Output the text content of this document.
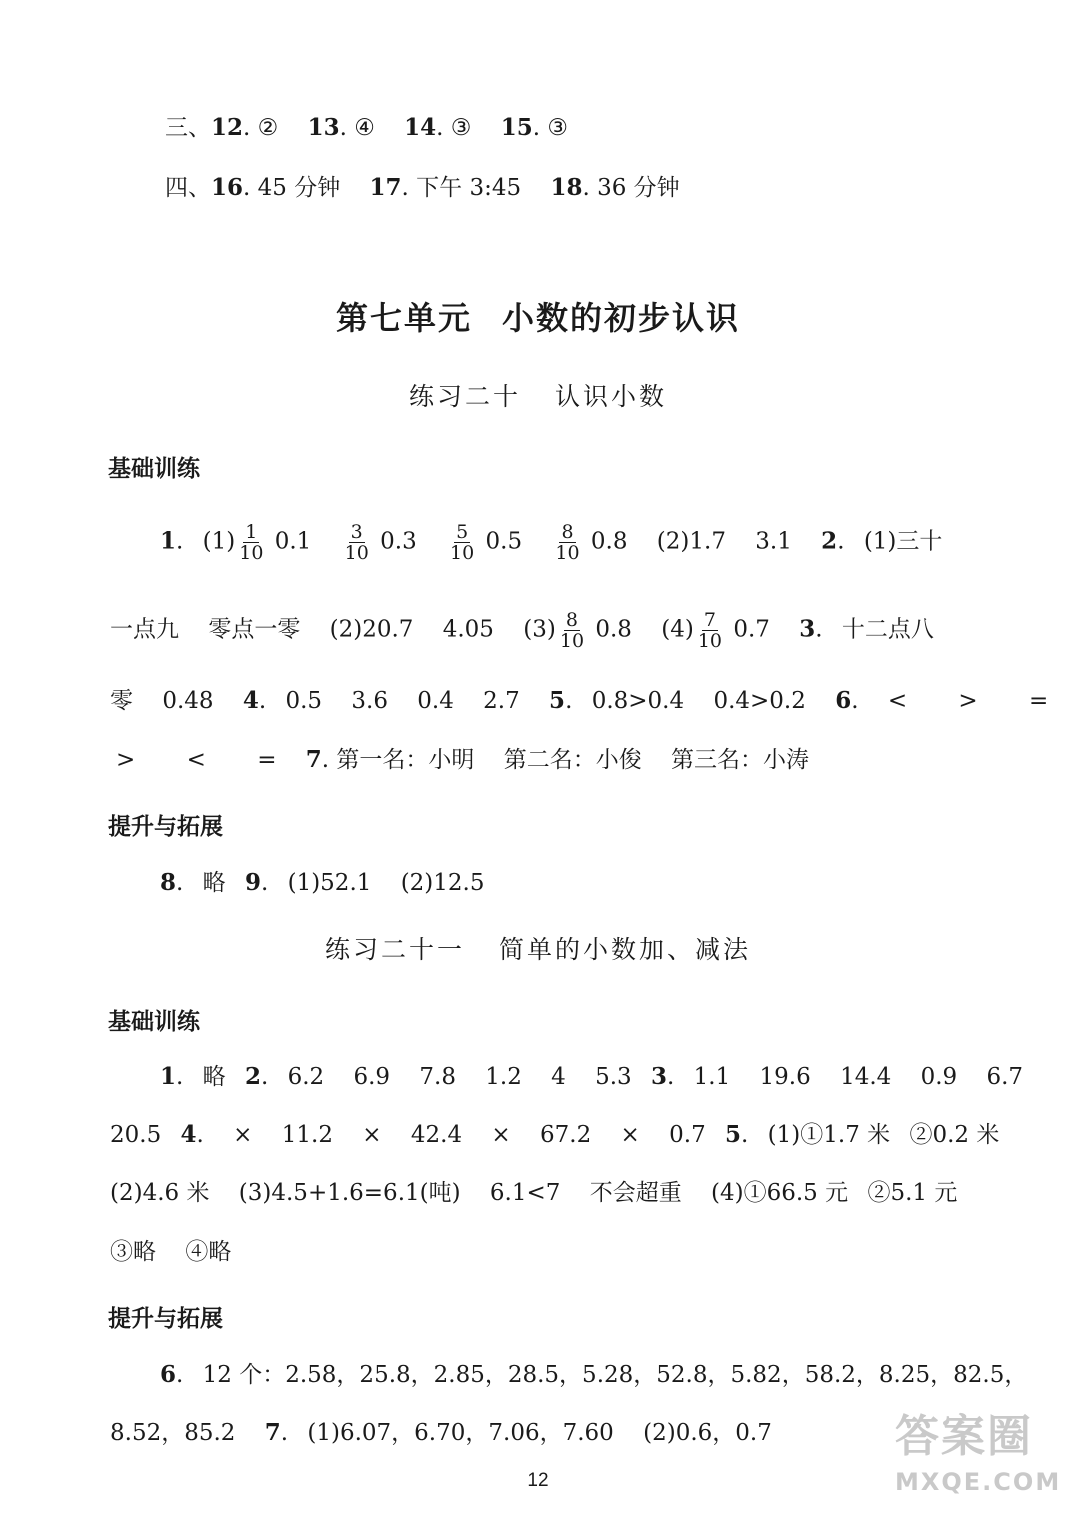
三、12. ② 13. ④ 14. ③ 15. ③
四、16. 45 分钟 17. 下午 3:45 18. 36 分钟
第七单元 小数的初步认识
练习二十 认识小数
基础训练
1. $(1) \frac{1}{10} 0.1 \frac{3}{10} 0.3 \frac{5}{10} 0.5 \frac{8}{10} 0.8$ (2)1.7 3.1 2. (1)三十
一点九 零点一零 (2)20.7 4.05 $(3) \frac{8}{10} 0.8$ $(4) \frac{7}{10} 0.7$ 3. 十二点八
零 0.48 4. 0.5 3.6 0.4 2.7 5. 0.8>0.4 0.4>0.2 6. < > =
> < = 7. 第一名：小明 第二名：小俊 第三名：小涛
提升与拓展
8. 略 9. (1)52.1 (2)12.5
练习二十一 简单的小数加、减法
基础训练
1. 略 2. 6.2 6.9 7.8 1.2 4 5.3 3. 1.1 19.6 14.4 0.9 6.7
20.5 4. × 11.2 × 42.4 × 67.2 × 0.7 5. (1)①1.7 米 ②0.2 米
(2)4.6 米 (3)4.5+1.6=6.1(吨) 6.1<7 不会超重 (4)①66.5 元 ②5.1 元
③略 ④略
提升与拓展
6. 12 个：2.58，25.8，2.85，28.5，5.28，52.8，5.82，58.2，8.25，82.5，
8.52，85.2 7. (1)6.07，6.70，7.06，7.60 (2)0.6，0.7
12
答案圈
MXQE.COM
